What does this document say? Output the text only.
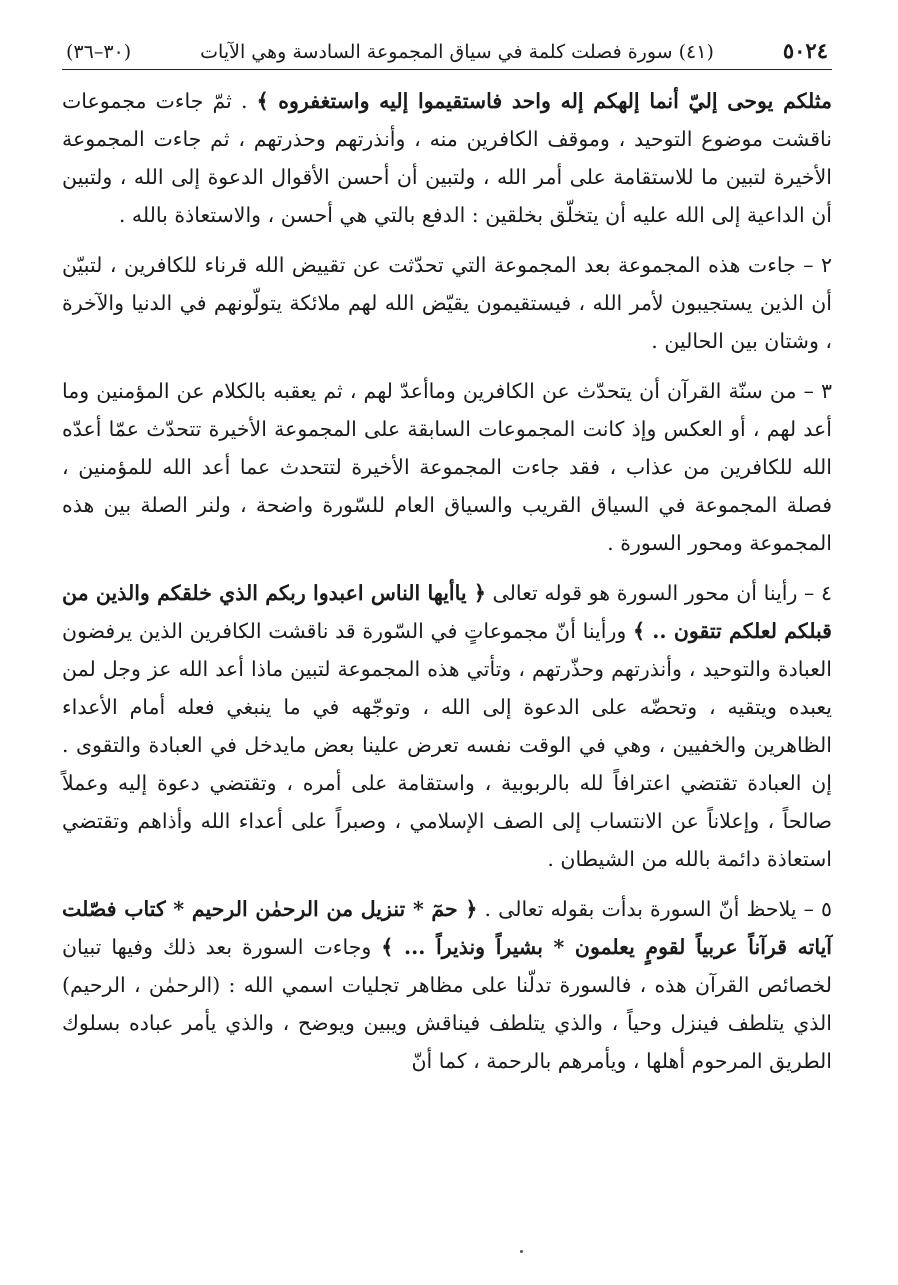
٥٠٢٤
(٤١) سورة فصلت كلمة في سياق المجموعة السادسة وهي الآيات
(٣٠–٣٦)

مثلكم يوحى إليّ أنما إلهكم إله واحد فاستقيموا إليه واستغفروه ﴾ . ثمّ جاءت مجموعات ناقشت موضوع التوحيد ، وموقف الكافرين منه ، وأنذرتهم وحذرتهم ، ثم جاءت المجموعة الأخيرة لتبين ما للاستقامة على أمر الله ، ولتبين أن أحسن الأقوال الدعوة إلى الله ، ولتبين أن الداعية إلى الله عليه أن يتخلّق بخلقين : الدفع بالتي هي أحسن ، والاستعاذة بالله .

٢ – جاءت هذه المجموعة بعد المجموعة التي تحدّثت عن تقييض الله قرناء للكافرين ، لتبيّن أن الذين يستجيبون لأمر الله ، فيستقيمون يقيّض الله لهم ملائكة يتولّونهم في الدنيا والآخرة ، وشتان بين الحالين .

٣ – من سنّة القرآن أن يتحدّث عن الكافرين وماأعدّ لهم ، ثم يعقبه بالكلام عن المؤمنين وما أعد لهم ، أو العكس وإذ كانت المجموعات السابقة على المجموعة الأخيرة تتحدّث عمّا أعدّه الله للكافرين من عذاب ، فقد جاءت المجموعة الأخيرة لتتحدث عما أعد الله للمؤمنين ، فصلة المجموعة في السياق القريب والسياق العام للسّورة واضحة ، ولنر الصلة بين هذه المجموعة ومحور السورة .

٤ – رأينا أن محور السورة هو قوله تعالى ﴿ ياأيها الناس اعبدوا ربكم الذي خلقكم والذين من قبلكم لعلكم تتقون .. ﴾ ورأينا أنّ مجموعاتٍ في السّورة قد ناقشت الكافرين الذين يرفضون العبادة والتوحيد ، وأنذرتهم وحذّرتهم ، وتأتي هذه المجموعة لتبين ماذا أعد الله عز وجل لمن يعبده ويتقيه ، وتحضّه على الدعوة إلى الله ، وتوجّهه في ما ينبغي فعله أمام الأعداء الظاهرين والخفيين ، وهي في الوقت نفسه تعرض علينا بعض مايدخل في العبادة والتقوى . إن العبادة تقتضي اعترافاً لله بالربوبية ، واستقامة على أمره ، وتقتضي دعوة إليه وعملاً صالحاً ، وإعلاناً عن الانتساب إلى الصف الإسلامي ، وصبراً على أعداء الله وأذاهم وتقتضي استعاذة دائمة بالله من الشيطان .

٥ – يلاحظ أنّ السورة بدأت بقوله تعالى . ﴿ حمٓ * تنزيل من الرحمٰن الرحيم * كتاب فصّلت آياته قرآناً عربياً لقومٍ يعلمون * بشيراً ونذيراً ... ﴾ وجاءت السورة بعد ذلك وفيها تبيان لخصائص القرآن هذه ، فالسورة تدلّنا على مظاهر تجليات اسمي الله : (الرحمٰن ، الرحيم) الذي يتلطف فينزل وحياً ، والذي يتلطف فيناقش ويبين ويوضح ، والذي يأمر عباده بسلوك الطريق المرحوم أهلها ، ويأمرهم بالرحمة ، كما أنّ
